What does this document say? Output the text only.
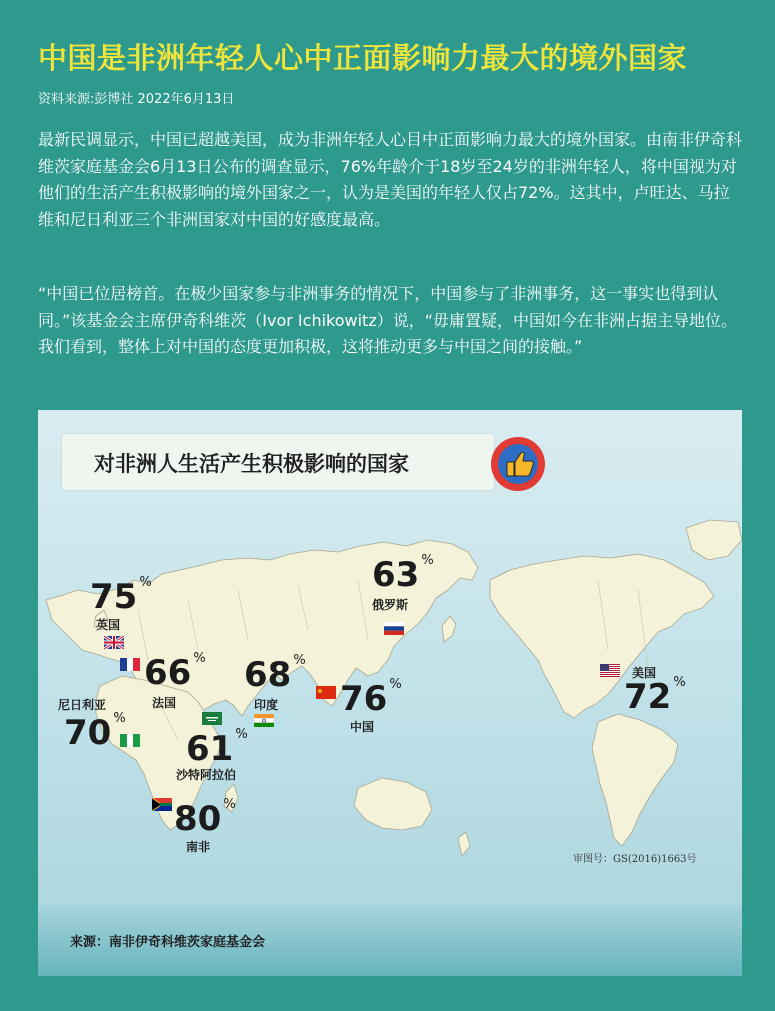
中国是非洲年轻人心中正面影响力最大的境外国家
资料来源:彭博社 2022年6月13日

最新民调显示，中国已超越美国，成为非洲年轻人心目中正面影响力最大的境外国家。由南非伊奇科维茨家庭基金会6月13日公布的调查显示，76%年龄介于18岁至24岁的非洲年轻人，将中国视为对他们的生活产生积极影响的境外国家之一，认为是美国的年轻人仅占72%。这其中，卢旺达、马拉维和尼日利亚三个非洲国家对中国的好感度最高。

“中国已位居榜首。在极少国家参与非洲事务的情况下，中国参与了非洲事务，这一事实也得到认同。”该基金会主席伊奇科维茨（Ivor Ichikowitz）说，“毋庸置疑，中国如今在非洲占据主导地位。我们看到，整体上对中国的态度更加积极，这将推动更多与中国之间的接触。”

对非洲人生活产生积极影响的国家
审图号：GS(2016)1663号
来源：南非伊奇科维茨家庭基金会
75 %
英国
66 %
法国
70 %
尼日利亚
61 %
沙特阿拉伯
80 %
南非
68 %
印度 76 %
中国
63 %
俄罗斯
72 %
美国
